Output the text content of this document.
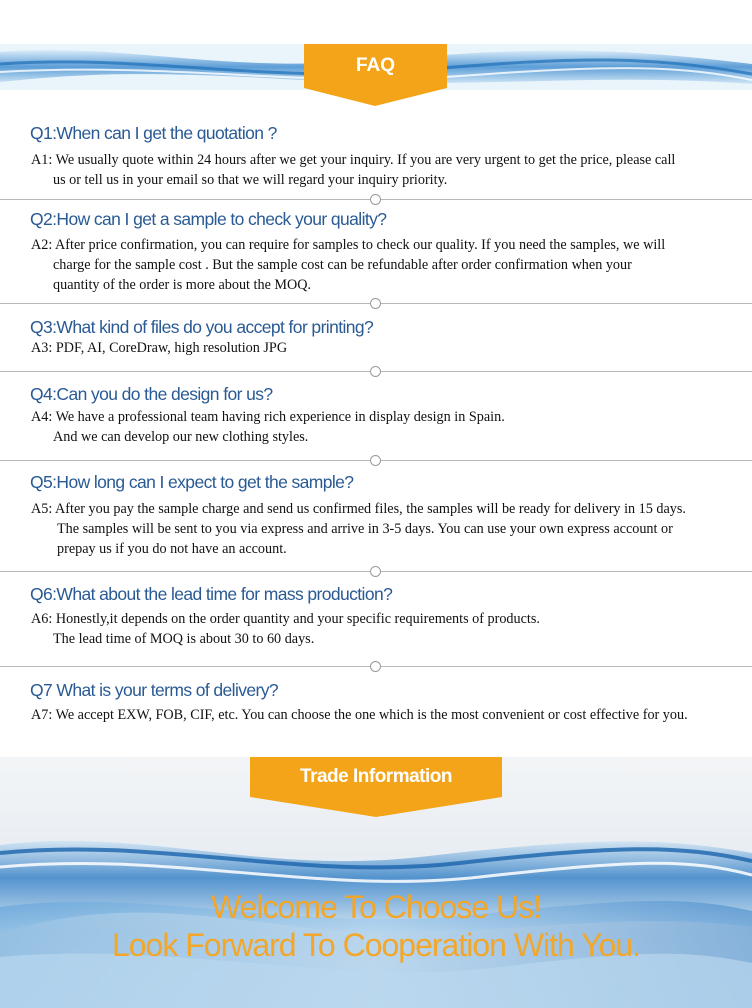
FAQ
Q1:When can I get the quotation ?
A1: We usually quote within 24 hours after we get your inquiry. If you are very urgent to get the price, please call
us or tell us in your email so that we will regard your inquiry priority.
Q2:How can I get a sample to check your quality?
A2: After price confirmation, you can require for samples to check our quality. If you need the samples, we will
charge for the sample cost . But the sample cost can be refundable after order confirmation when your
quantity of the order is more about the MOQ.
Q3:What kind of files do you accept for printing?
A3: PDF, AI, CoreDraw, high resolution JPG
Q4:Can you do the design for us?
A4: We have a professional team having rich experience in display design in Spain.
And we can develop our new clothing styles.
Q5:How long can I expect to get the sample?
A5: After you pay the sample charge and send us confirmed files, the samples will be ready for delivery in 15 days.
The samples will be sent to you via express and arrive in 3-5 days. You can use your own express account or
prepay us if you do not have an account.
Q6:What about the lead time for mass production?
A6: Honestly,it depends on the order quantity and your specific requirements of products.
The lead time of MOQ is about 30 to 60 days.
Q7 What is your terms of delivery?
A7: We accept EXW, FOB, CIF, etc. You can choose the one which is the most convenient or cost effective for you.
Trade Information
Welcome To Choose Us!
Look Forward To Cooperation With You.
